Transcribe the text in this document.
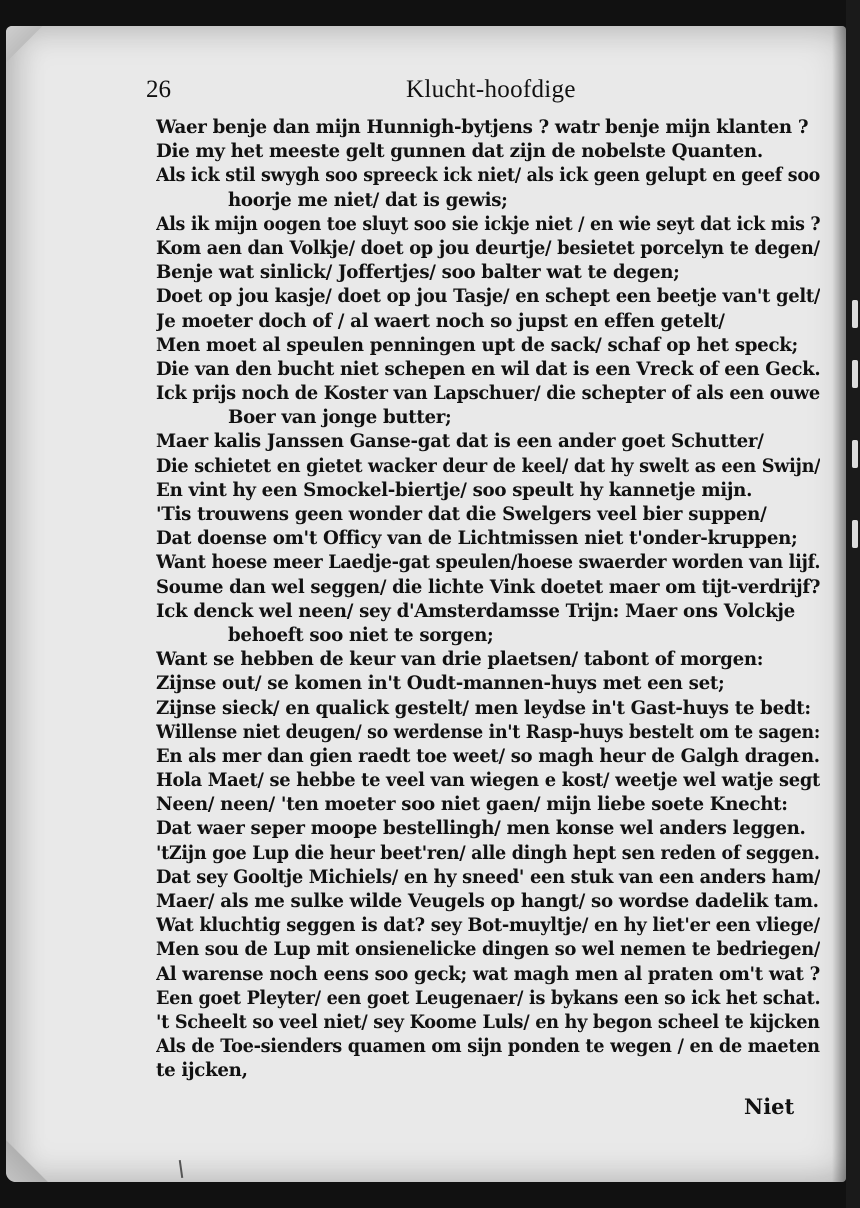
26	Klucht-hoofdige
Waer benje dan mijn Hunnigh-bytjens ? watr benje mijn klanten ?
Die my het meeste gelt gunnen dat zijn de nobelste Quanten.
Als ick stil swygh soo spreeck ick niet/ als ick geen gelupt en geef soo
hoorje me niet/ dat is gewis;
Als ik mijn oogen toe sluyt soo sie ickje niet / en wie seyt dat ick mis ?
Kom aen dan Volkje/ doet op jou deurtje/ besietet porcelyn te degen/
Benje wat sinlick/ Joffertjes/ soo balter wat te degen;
Doet op jou kasje/ doet op jou Tasje/ en schept een beetje van't gelt/
Je moeter doch of / al waert noch so jupst en effen getelt/
Men moet al speulen penningen upt de sack/ schaf op het speck;
Die van den bucht niet schepen en wil dat is een Vreck of een Geck.
Ick prijs noch de Koster van Lapschuer/ die schepter of als een ouwe
Boer van jonge butter;
Maer kalis Janssen Ganse-gat dat is een ander goet Schutter/
Die schietet en gietet wacker deur de keel/ dat hy swelt as een Swijn/
En vint hy een Smockel-biertje/ soo speult hy kannetje mijn.
'Tis trouwens geen wonder dat die Swelgers veel bier suppen/
Dat doense om't Officy van de Lichtmissen niet t'onder-kruppen;
Want hoese meer Laedje-gat speulen/hoese swaerder worden van lijf.
Soume dan wel seggen/ die lichte Vink doetet maer om tijt-verdrijf?
Ick denck wel neen/ sey d'Amsterdamsse Trijn: Maer ons Volckje
behoeft soo niet te sorgen;
Want se hebben de keur van drie plaetsen/ tabont of morgen:
Zijnse out/ se komen in't Oudt-mannen-huys met een set;
Zijnse sieck/ en qualick gestelt/ men leydse in't Gast-huys te bedt:
Willense niet deugen/ so werdense in't Rasp-huys bestelt om te sagen:
En als mer dan gien raedt toe weet/ so magh heur de Galgh dragen.
Hola Maet/ se hebbe te veel van wiegen e kost/ weetje wel watje segt
Neen/ neen/ 'ten moeter soo niet gaen/ mijn liebe soete Knecht:
Dat waer seper moope bestellingh/ men konse wel anders leggen.
'tZijn goe Lup die heur beet'ren/ alle dingh hept sen reden of seggen.
Dat sey Gooltje Michiels/ en hy sneed' een stuk van een anders ham/
Maer/ als me sulke wilde Veugels op hangt/ so wordse dadelik tam.
Wat kluchtig seggen is dat? sey Bot-muyltje/ en hy liet'er een vliege/
Men sou de Lup mit onsienelicke dingen so wel nemen te bedriegen/
Al warense noch eens soo geck; wat magh men al praten om't wat ?
Een goet Pleyter/ een goet Leugenaer/ is bykans een so ick het schat.
't Scheelt so veel niet/ sey Koome Luls/ en hy begon scheel te kijcken
Als de Toe-sienders quamen om sijn ponden te wegen / en de maeten
te ijcken,
Niet
